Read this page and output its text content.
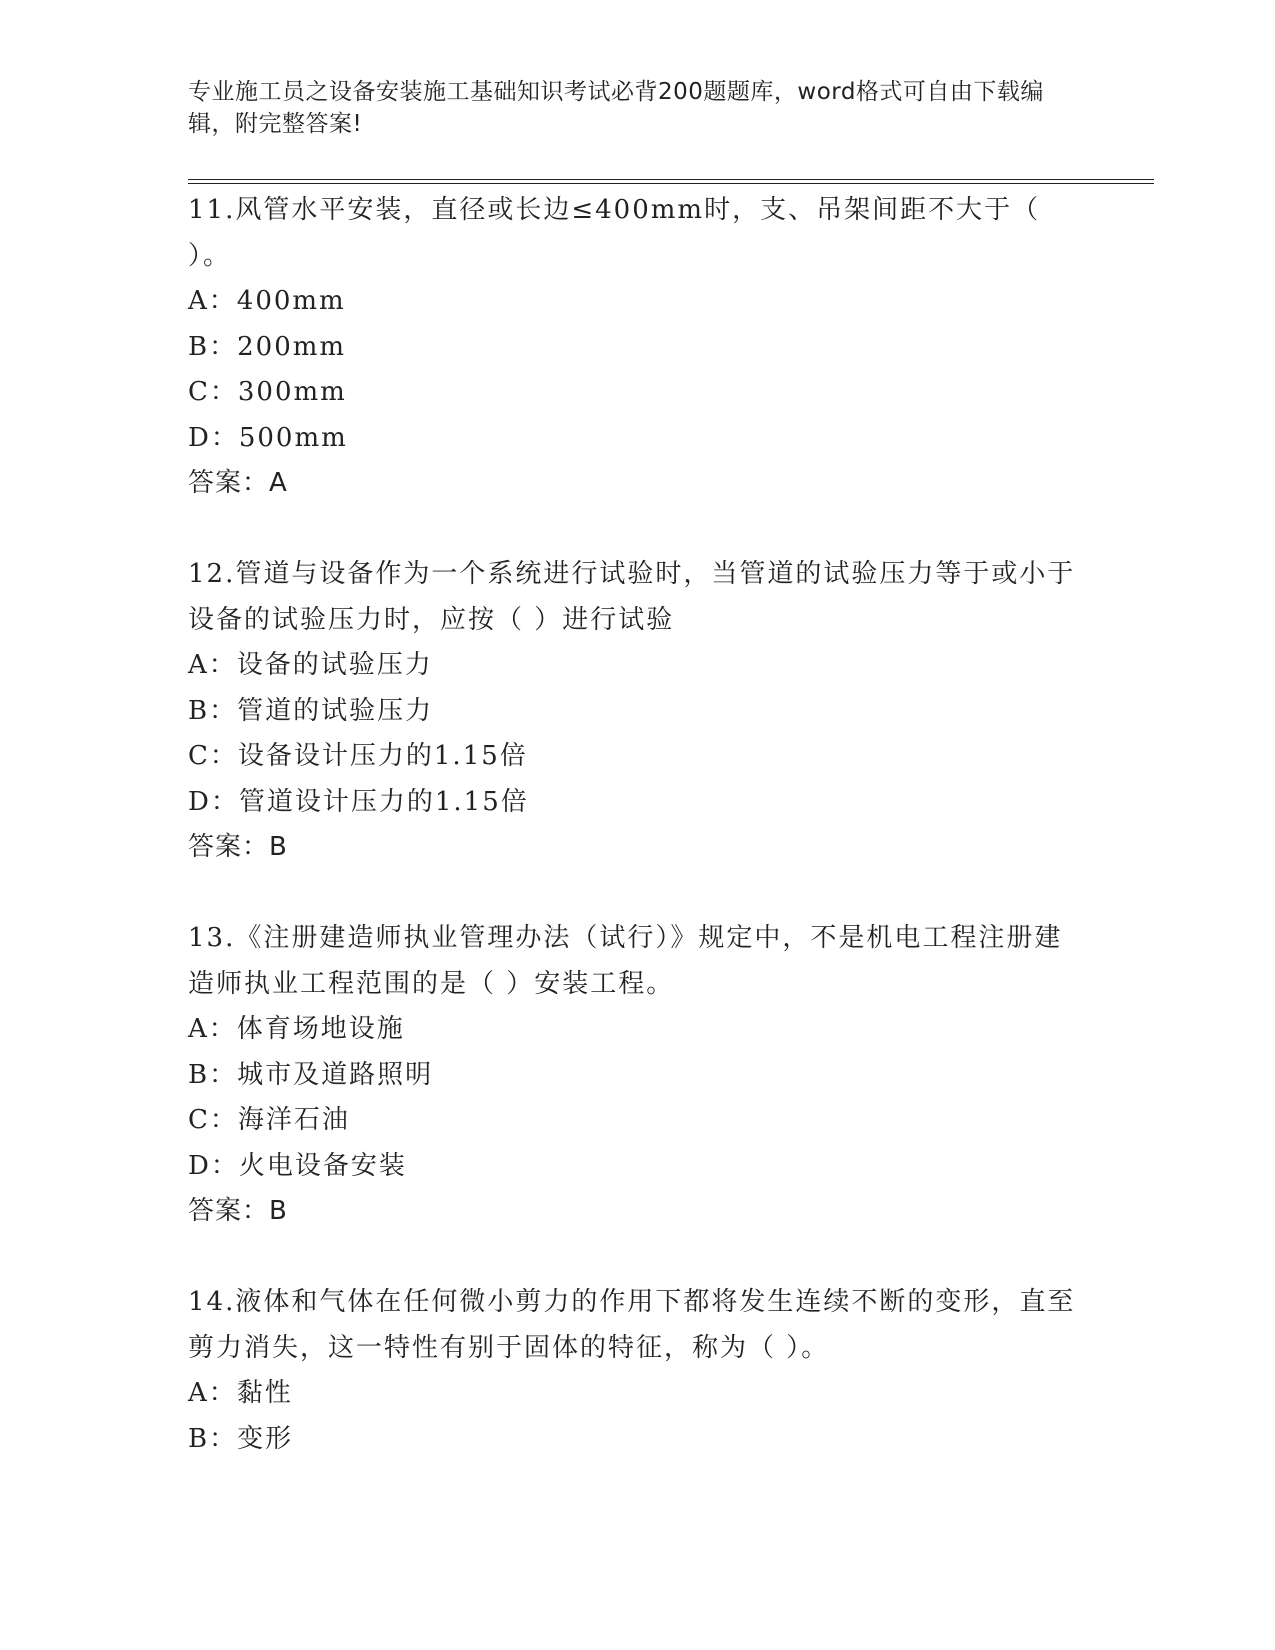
专业施工员之设备安装施工基础知识考试必背200题题库，word格式可自由下载编辑，附完整答案!
11.风管水平安装，直径或长边≤400mm时，支、吊架间距不大于（ ）。
A：400mm
B：200mm
C：300mm
D：500mm
答案：A
12.管道与设备作为一个系统进行试验时，当管道的试验压力等于或小于设备的试验压力时，应按（ ）进行试验
A：设备的试验压力
B：管道的试验压力
C：设备设计压力的1.15倍
D：管道设计压力的1.15倍
答案：B
13.《注册建造师执业管理办法（试行）》规定中，不是机电工程注册建造师执业工程范围的是（ ）安装工程。
A：体育场地设施
B：城市及道路照明
C：海洋石油
D：火电设备安装
答案：B
14.液体和气体在任何微小剪力的作用下都将发生连续不断的变形，直至剪力消失，这一特性有别于固体的特征，称为（ ）。
A：黏性
B：变形
